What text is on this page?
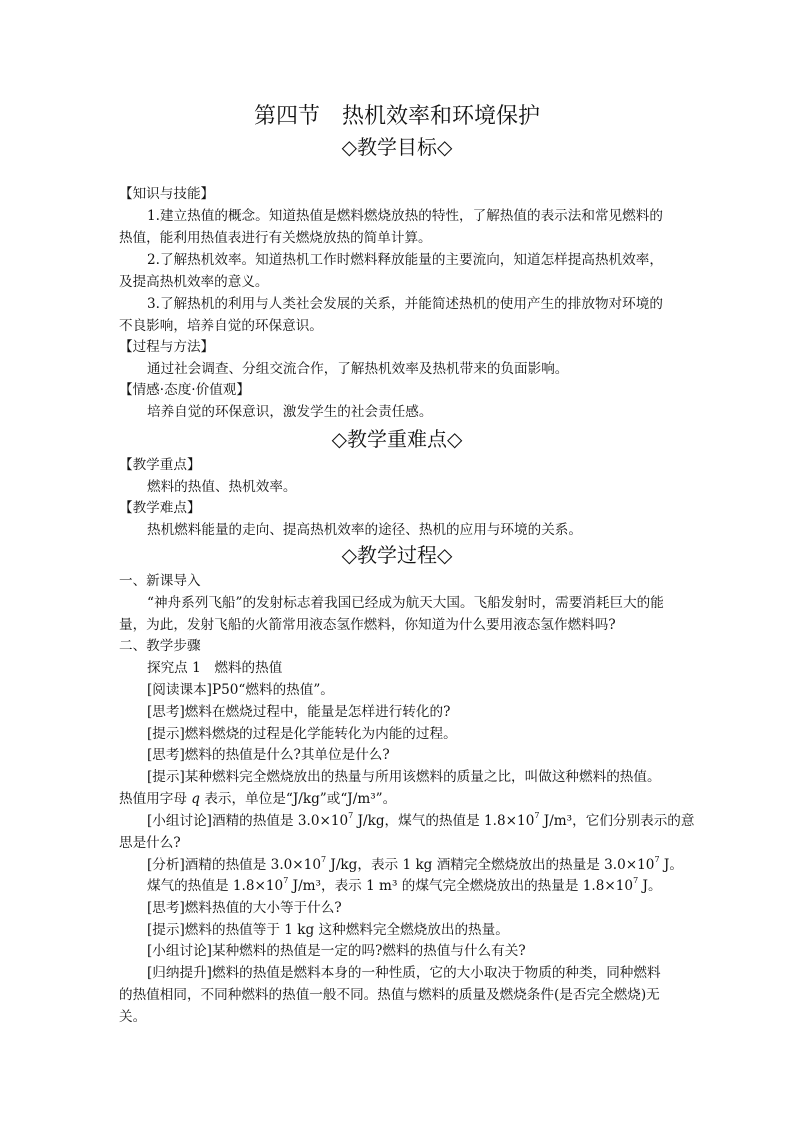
第四节　热机效率和环境保护
◇教学目标◇
【知识与技能】
1.建立热值的概念。知道热值是燃料燃烧放热的特性，了解热值的表示法和常见燃料的
热值，能利用热值表进行有关燃烧放热的简单计算。
2.了解热机效率。知道热机工作时燃料释放能量的主要流向，知道怎样提高热机效率，
及提高热机效率的意义。
3.了解热机的利用与人类社会发展的关系，并能简述热机的使用产生的排放物对环境的
不良影响，培养自觉的环保意识。
【过程与方法】
通过社会调查、分组交流合作，了解热机效率及热机带来的负面影响。
【情感·态度·价值观】
培养自觉的环保意识，激发学生的社会责任感。
◇教学重难点◇
【教学重点】
燃料的热值、热机效率。
【教学难点】
热机燃料能量的走向、提高热机效率的途径、热机的应用与环境的关系。
◇教学过程◇
一、新课导入
“神舟系列飞船”的发射标志着我国已经成为航天大国。飞船发射时，需要消耗巨大的能
量，为此，发射飞船的火箭常用液态氢作燃料，你知道为什么要用液态氢作燃料吗?
二、教学步骤
探究点 1　燃料的热值
[阅读课本]P50“燃料的热值”。
[思考]燃料在燃烧过程中，能量是怎样进行转化的?
[提示]燃料燃烧的过程是化学能转化为内能的过程。
[思考]燃料的热值是什么?其单位是什么?
[提示]某种燃料完全燃烧放出的热量与所用该燃料的质量之比，叫做这种燃料的热值。
热值用字母 q 表示，单位是“J/kg”或“J/m³”。
[小组讨论]酒精的热值是 $3.0\times 10^7$ J/kg，煤气的热值是 $1.8\times 10^7$ J/m³，它们分别表示的意
思是什么?
[分析]酒精的热值是 $3.0\times 10^7$ J/kg，表示 1 kg 酒精完全燃烧放出的热量是 $3.0\times 10^7$ J。
煤气的热值是 $1.8\times 10^7$ J/m³，表示 1 m³ 的煤气完全燃烧放出的热量是 $1.8\times 10^7$ J。
[思考]燃料热值的大小等于什么?
[提示]燃料的热值等于 1 kg 这种燃料完全燃烧放出的热量。
[小组讨论]某种燃料的热值是一定的吗?燃料的热值与什么有关?
[归纳提升]燃料的热值是燃料本身的一种性质，它的大小取决于物质的种类，同种燃料
的热值相同，不同种燃料的热值一般不同。热值与燃料的质量及燃烧条件(是否完全燃烧)无
关。
